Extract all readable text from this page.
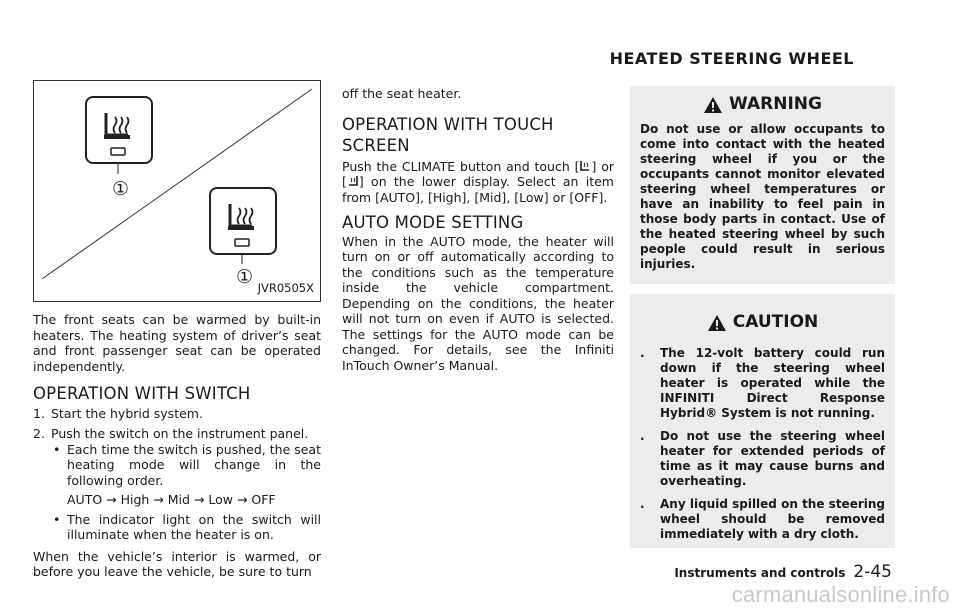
HEATED STEERING WHEEL
①
① JVR0505X

The front seats can be warmed by built-in heaters. The heating system of driver’s seat and front passenger seat can be operated independently.

OPERATION WITH SWITCH
1. Start the hybrid system.
2. Push the switch on the instrument panel.
• Each time the switch is pushed, the seat heating mode will change in the following order.
AUTO → High → Mid → Low → OFF
• The indicator light on the switch will illuminate when the heater is on.

When the vehicle’s interior is warmed, or before you leave the vehicle, be sure to turn

off the seat heater.

OPERATION WITH TOUCH SCREEN

Push the CLIMATE button and touch [ ] or [ ] on the lower display. Select an item from [AUTO], [High], [Mid], [Low] or [OFF].

AUTO MODE SETTING

When in the AUTO mode, the heater will turn on or off automatically according to the conditions such as the temperature inside the vehicle compartment. Depending on the conditions, the heater will not turn on even if AUTO is selected. The settings for the AUTO mode can be changed. For details, see the Infiniti InTouch Owner’s Manual.

WARNING
Do not use or allow occupants to come into contact with the heated steering wheel if you or the occupants cannot monitor elevated steering wheel temperatures or have an inability to feel pain in those body parts in contact. Use of the heated steering wheel by such people could result in serious injuries.
CAUTION
.	The 12-volt battery could run down if the steering wheel heater is operated while the INFINITI Direct Response Hybrid® System is not running.
.	Do not use the steering wheel heater for extended periods of time as it may cause burns and overheating.
.	Any liquid spilled on the steering wheel should be removed immediately with a dry cloth.
Instruments and controls 2-45
carmanualsonline.info
